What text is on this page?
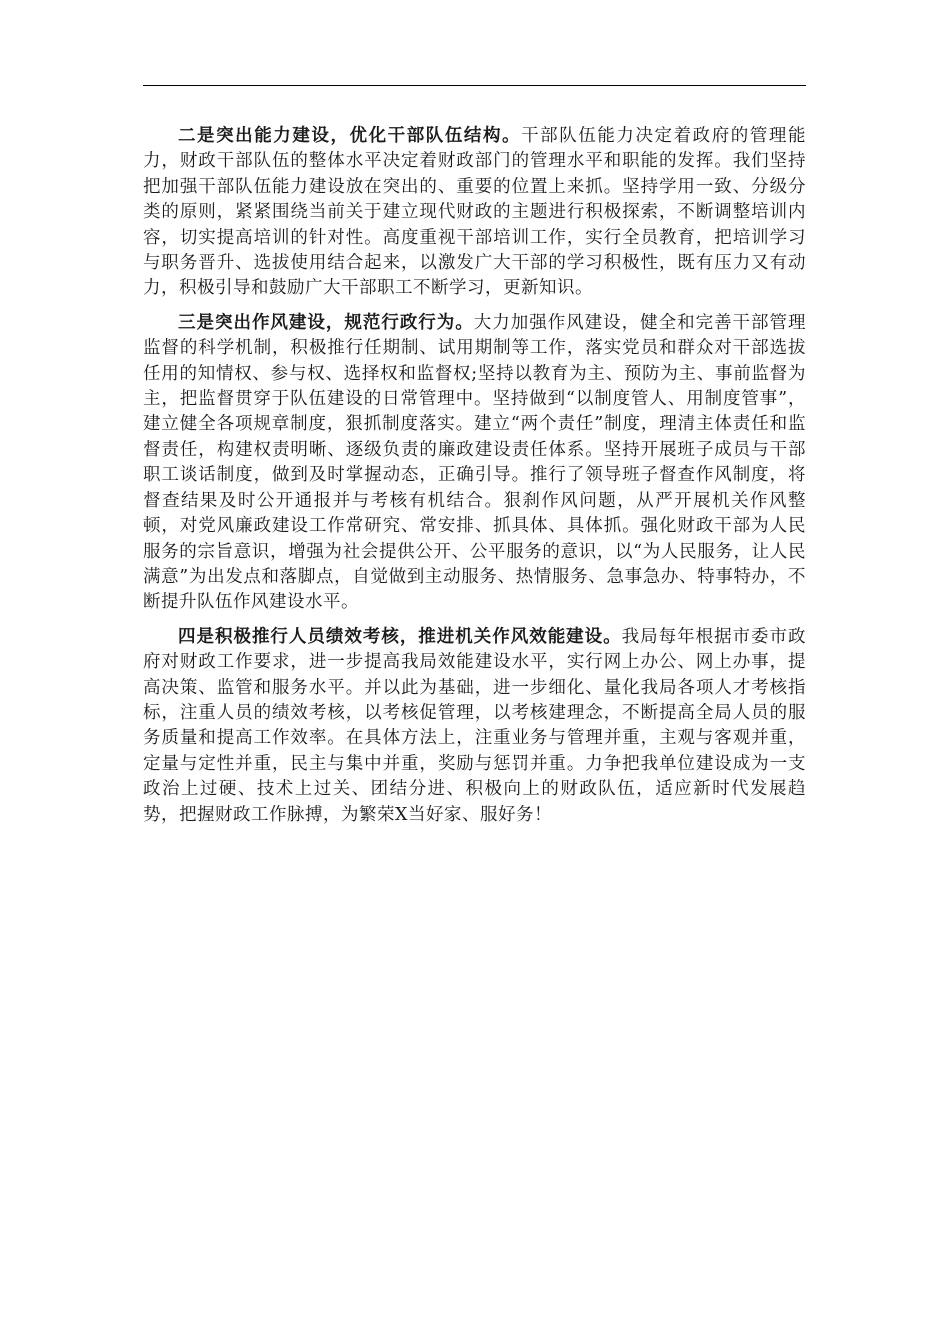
二是突出能力建设，优化干部队伍结构。干部队伍能力决定着政府的管理能力，财政干部队伍的整体水平决定着财政部门的管理水平和职能的发挥。我们坚持把加强干部队伍能力建设放在突出的、重要的位置上来抓。坚持学用一致、分级分类的原则，紧紧围绕当前关于建立现代财政的主题进行积极探索，不断调整培训内容，切实提高培训的针对性。高度重视干部培训工作，实行全员教育，把培训学习与职务晋升、选拔使用结合起来，以激发广大干部的学习积极性，既有压力又有动力，积极引导和鼓励广大干部职工不断学习，更新知识。

三是突出作风建设，规范行政行为。大力加强作风建设，健全和完善干部管理监督的科学机制，积极推行任期制、试用期制等工作，落实党员和群众对干部选拔任用的知情权、参与权、选择权和监督权;坚持以教育为主、预防为主、事前监督为主，把监督贯穿于队伍建设的日常管理中。坚持做到“以制度管人、用制度管事”，建立健全各项规章制度，狠抓制度落实。建立“两个责任”制度，理清主体责任和监督责任，构建权责明晰、逐级负责的廉政建设责任体系。坚持开展班子成员与干部职工谈话制度，做到及时掌握动态，正确引导。推行了领导班子督查作风制度，将督查结果及时公开通报并与考核有机结合。狠刹作风问题，从严开展机关作风整顿，对党风廉政建设工作常研究、常安排、抓具体、具体抓。强化财政干部为人民服务的宗旨意识，增强为社会提供公开、公平服务的意识，以“为人民服务，让人民满意”为出发点和落脚点，自觉做到主动服务、热情服务、急事急办、特事特办，不断提升队伍作风建设水平。

四是积极推行人员绩效考核，推进机关作风效能建设。我局每年根据市委市政府对财政工作要求，进一步提高我局效能建设水平，实行网上办公、网上办事，提高决策、监管和服务水平。并以此为基础，进一步细化、量化我局各项人才考核指标，注重人员的绩效考核，以考核促管理，以考核建理念，不断提高全局人员的服务质量和提高工作效率。在具体方法上，注重业务与管理并重，主观与客观并重，定量与定性并重，民主与集中并重，奖励与惩罚并重。力争把我单位建设成为一支政治上过硬、技术上过关、团结分进、积极向上的财政队伍，适应新时代发展趋势，把握财政工作脉搏，为繁荣X当好家、服好务！
